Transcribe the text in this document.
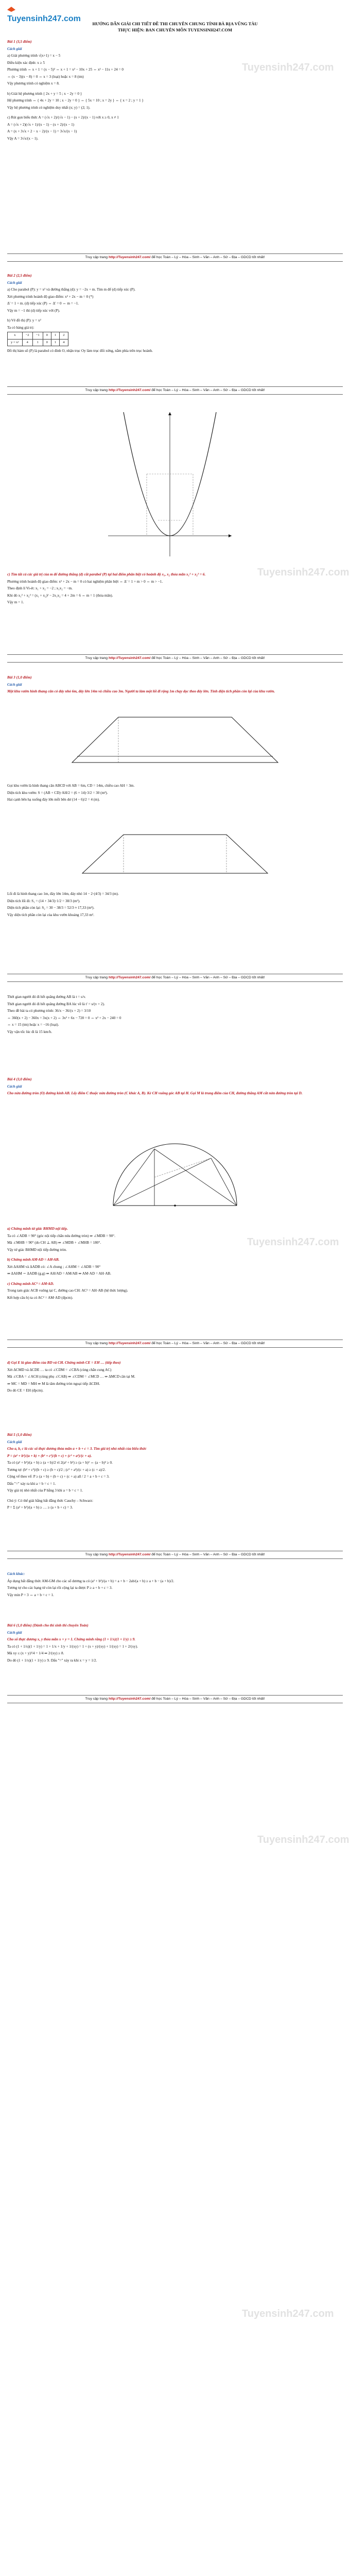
Tuyensinh247.com
Tuyensinh247.com
Tuyensinh247.com
Tuyensinh247.com
Tuyensinh247.com
Tuyensinh247.com
HƯỚNG DẪN GIẢI CHI TIẾT ĐỀ THI CHUYÊN CHUNG TỈNH BÀ RỊA VŨNG TÀU
THỰC HIỆN: BAN CHUYÊN MÔN TUYENSINH247.COM

Bài 1 (3,5 điểm)

Cách giải

a) Giải phương trình √(x+1) = x − 5

Điều kiện xác định: x ≥ 5

Phương trình ⇔ x + 1 = (x − 5)² ⇔ x + 1 = x² − 10x + 25 ⇔ x² − 11x + 24 = 0

⇔ (x − 3)(x − 8) = 0 ⇔ x = 3 (loại) hoặc x = 8 (tm)

Vậy phương trình có nghiệm x = 8.

b) Giải hệ phương trình { 2x + y = 5 ; x − 2y = 0 }

Hệ phương trình ⇔ { 4x + 2y = 10 ; x − 2y = 0 } ⇔ { 5x = 10 ; x = 2y } ⇔ { x = 2 ; y = 1 }

Vậy hệ phương trình có nghiệm duy nhất (x; y) = (2; 1).

c) Rút gọn biểu thức A = (√x + 2)/(√x − 1) − (x + 2)/(x − 1) với x ≥ 0, x ≠ 1

A = (√x + 2)(√x + 1)/(x − 1) − (x + 2)/(x − 1)

A = (x + 3√x + 2 − x − 2)/(x − 1) = 3√x/(x − 1)

Vậy A = 3√x/(x − 1).

Truy cập trang http://Tuyensinh247.com/ để học Toán – Lý – Hóa – Sinh – Văn – Anh – Sử – Địa – GDCD tốt nhất!

Bài 2 (2,5 điểm)

Cách giải

a) Cho parabol (P): y = x² và đường thẳng (d): y = −2x + m. Tìm m để (d) tiếp xúc (P).

Xét phương trình hoành độ giao điểm: x² + 2x − m = 0 (*)

Δ' = 1 + m. (d) tiếp xúc (P) ⇔ Δ' = 0 ⇔ m = −1.

Vậy m = −1 thì (d) tiếp xúc với (P).

b) Vẽ đồ thị (P): y = x²

Ta có bảng giá trị:

x	−2	−1	0	1	2
y = x²	4	1	0	1	4

Đồ thị hàm số (P) là parabol có đỉnh O, nhận trục Oy làm trục đối xứng, nằm phía trên trục hoành.

Truy cập trang http://Tuyensinh247.com/ để học Toán – Lý – Hóa – Sinh – Văn – Anh – Sử – Địa – GDCD tốt nhất!

c) Tìm tất cả các giá trị của m để đường thẳng (d) cắt parabol (P) tại hai điểm phân biệt có hoành độ x₁, x₂ thỏa mãn x₁² + x₂² = 6.

Phương trình hoành độ giao điểm: x² + 2x − m = 0 có hai nghiệm phân biệt ⇔ Δ' = 1 + m > 0 ⇔ m > −1.

Theo định lí Vi-ét: x₁ + x₂ = −2 ; x₁x₂ = −m.

Khi đó x₁² + x₂² = (x₁ + x₂)² − 2x₁x₂ = 4 + 2m = 6 ⇔ m = 1 (thỏa mãn).

Vậy m = 1.

Truy cập trang http://Tuyensinh247.com/ để học Toán – Lý – Hóa – Sinh – Văn – Anh – Sử – Địa – GDCD tốt nhất!

Bài 3 (1,0 điểm)

Cách giải

Một khu vườn hình thang cân có đáy nhỏ 6m, đáy lớn 14m và chiều cao 3m. Người ta làm một lối đi rộng 1m chạy dọc theo đáy lớn. Tính diện tích phần còn lại của khu vườn.

Gọi khu vườn là hình thang cân ABCD với AB = 6m, CD = 14m, chiều cao AH = 3m.

Diện tích khu vườn: S = (AB + CD)·AH/2 = (6 + 14)·3/2 = 30 (m²).

Hai cạnh bên hạ xuống đáy lớn mỗi bên dư (14 − 6)/2 = 4 (m).

Lối đi là hình thang cao 1m, đáy lớn 14m, đáy nhỏ 14 − 2·(4/3) = 34/3 (m).

Diện tích lối đi: S₁ = (14 + 34/3)·1/2 = 38/3 (m²).

Diện tích phần còn lại: S₂ = 30 − 38/3 = 52/3 ≈ 17,33 (m²).

Vậy diện tích phần còn lại của khu vườn khoảng 17,33 m².

Truy cập trang http://Tuyensinh247.com/ để học Toán – Lý – Hóa – Sinh – Văn – Anh – Sử – Địa – GDCD tốt nhất!

Thời gian người đó đi hết quãng đường AB là t = s/v.

Thời gian người đó đi hết quãng đường BA lúc về là t' = s/(v + 2).

Theo đề bài ta có phương trình: 36/x − 36/(x + 2) = 3/10

⇔ 360(x + 2) − 360x = 3x(x + 2) ⇔ 3x² + 6x − 720 = 0 ⇔ x² + 2x − 240 = 0

⇔ x = 15 (tm) hoặc x = −16 (loại).

Vậy vận tốc lúc đi là 15 km/h.

Bài 4 (3,0 điểm)

Cách giải

Cho nửa đường tròn (O) đường kính AB. Lấy điểm C thuộc nửa đường tròn (C khác A, B). Kẻ CH vuông góc AB tại H. Gọi M là trung điểm của CH, đường thẳng AM cắt nửa đường tròn tại D.

a) Chứng minh tứ giác BHMD nội tiếp.

Ta có ∠ADB = 90° (góc nội tiếp chắn nửa đường tròn) ⇒ ∠MDB = 90°.

Mà ∠MHB = 90° (do CH ⊥ AB) ⇒ ∠MDB + ∠MHB = 180°.

Vậy tứ giác BHMD nội tiếp đường tròn.

b) Chứng minh AM·AD = AH·AB.

Xét ΔAHM và ΔADB có: ∠A chung ; ∠AHM = ∠ADB = 90°

⇒ ΔAHM ∽ ΔADB (g.g) ⇒ AH/AD = AM/AB ⇒ AM·AD = AH·AB.

c) Chứng minh AC² = AM·AD.

Trong tam giác ACB vuông tại C, đường cao CH: AC² = AH·AB (hệ thức lượng).

Kết hợp câu b) ta có AC² = AM·AD (đpcm).

Truy cập trang http://Tuyensinh247.com/ để học Toán – Lý – Hóa – Sinh – Văn – Anh – Sử – Địa – GDCD tốt nhất!

d) Gọi E là giao điểm của BD và CH. Chứng minh CE = EH … (tiếp theo)

Xét ΔCMD và ΔCDE … ta có ∠CDM = ∠CBA (cùng chắn cung AC)

Mà ∠CBA = ∠ACH (cùng phụ ∠CAB) ⇒ ∠CDM = ∠MCD … ⇒ ΔMCD cân tại M.

⇒ MC = MD = MH ⇒ M là tâm đường tròn ngoại tiếp ΔCDH.

Do đó CE = EH (đpcm).

Bài 5 (1,0 điểm)

Cách giải

Cho a, b, c là các số thực dương thỏa mãn a + b + c = 3. Tìm giá trị nhỏ nhất của biểu thức

P = (a² + b²)/(a + b) + (b² + c²)/(b + c) + (c² + a²)/(c + a).

Ta có (a² + b²)/(a + b) ≥ (a + b)/2 vì 2(a² + b²) ≥ (a + b)² ⇔ (a − b)² ≥ 0.

Tương tự: (b² + c²)/(b + c) ≥ (b + c)/2 ; (c² + a²)/(c + a) ≥ (c + a)/2.

Cộng vế theo vế: P ≥ (a + b) + (b + c) + (c + a) all / 2 = a + b + c = 3.

Dấu "=" xảy ra khi a = b = c = 1.

Vậy giá trị nhỏ nhất của P bằng 3 khi a = b = c = 1.

Chú ý: Có thể giải bằng bất đẳng thức Cauchy – Schwarz:

P = Σ (a² + b²)/(a + b) ≥ … ≥ (a + b + c) = 3.

Truy cập trang http://Tuyensinh247.com/ để học Toán – Lý – Hóa – Sinh – Văn – Anh – Sử – Địa – GDCD tốt nhất!

Cách khác:

Áp dụng bất đẳng thức AM-GM cho các số dương ta có (a² + b²)/(a + b) = a + b − 2ab/(a + b) ≥ a + b − (a + b)/2.

Tương tự cho các hạng tử còn lại rồi cộng lại ta được P ≥ a + b + c = 3.

Vậy min P = 3 ⇔ a = b = c = 1.

Bài 6 (1,0 điểm) (Dành cho thí sinh thi chuyên Toán)

Cách giải

Cho số thực dương x, y thỏa mãn x + y = 1. Chứng minh rằng (1 + 1/x)(1 + 1/y) ≥ 9.

Ta có (1 + 1/x)(1 + 1/y) = 1 + 1/x + 1/y + 1/(xy) = 1 + (x + y)/(xy) + 1/(xy) = 1 + 2/(xy).

Mà xy ≤ (x + y)²/4 = 1/4 ⇒ 2/(xy) ≥ 8.

Do đó (1 + 1/x)(1 + 1/y) ≥ 9. Dấu "=" xảy ra khi x = y = 1/2.

Truy cập trang http://Tuyensinh247.com/ để học Toán – Lý – Hóa – Sinh – Văn – Anh – Sử – Địa – GDCD tốt nhất!
